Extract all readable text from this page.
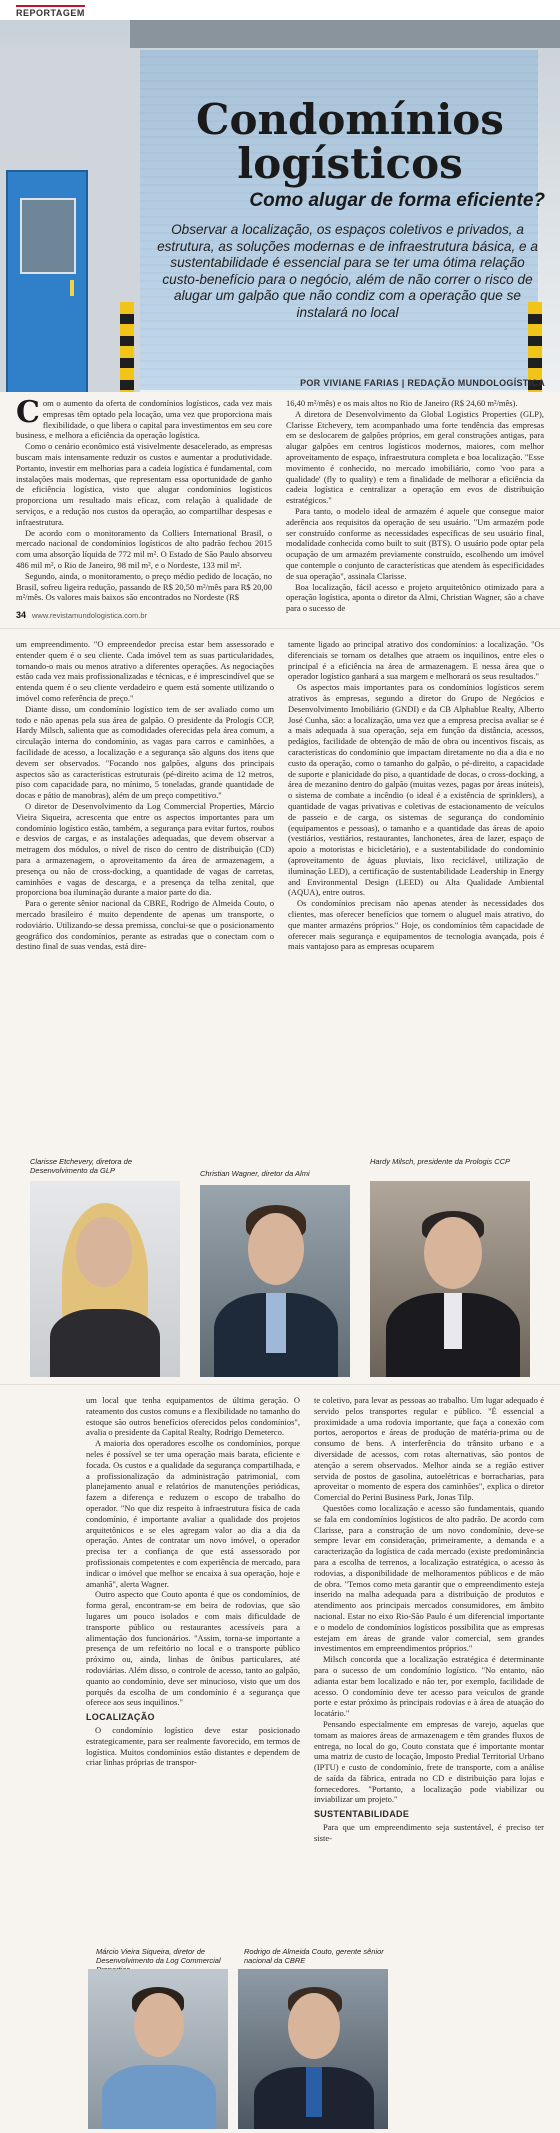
REPORTAGEM
Condomínios
logísticos
Como alugar de forma eficiente?

Observar a localização, os espaços coletivos e privados, a estrutura, as soluções modernas e de infraestrutura básica, e a sustentabilidade é essencial para se ter uma ótima relação custo-benefício para o negócio, além de não correr o risco de alugar um galpão que não condiz com a operação que se instalará no local

POR VIVIANE FARIAS | REDAÇÃO MUNDOLOGÍSTICA

Com o aumento da oferta de condomínios logísticos, cada vez mais empresas têm optado pela locação, uma vez que proporciona mais flexibilidade, o que libera o capital para investimentos em seu core business, e melhora a eficiência da operação logística.

Como o cenário econômico está visivelmente desacelerado, as empresas buscam mais intensamente reduzir os custos e aumentar a produtividade. Portanto, investir em melhorias para a cadeia logística é fundamental, com instalações mais modernas, que representam essa oportunidade de ganho de eficiência logística, visto que alugar condomínios logísticos proporciona um resultado mais eficaz, com relação à qualidade de serviços, e a redução nos custos da operação, ao compartilhar despesas e infraestrutura.

De acordo com o monitoramento da Colliers International Brasil, o mercado nacional de condomínios logísticos de alto padrão fechou 2015 com uma absorção líquida de 772 mil m². O Estado de São Paulo absorveu 486 mil m², o Rio de Janeiro, 98 mil m², e o Nordeste, 133 mil m².

Segundo, ainda, o monitoramento, o preço médio pedido de locação, no Brasil, sofreu ligeira redução, passando de R$ 20,50 m²/mês para R$ 20,00 m²/mês. Os valores mais baixos são encontrados no Nordeste (R$

16,40 m²/mês) e os mais altos no Rio de Janeiro (R$ 24,60 m²/mês).

A diretora de Desenvolvimento da Global Logistics Properties (GLP), Clarisse Etchevery, tem acompanhado uma forte tendência das empresas em se deslocarem de galpões próprios, em geral construções antigas, para alugar galpões em centros logísticos modernos, maiores, com melhor aproveitamento de espaço, infraestrutura completa e boa localização. "Esse movimento é conhecido, no mercado imobiliário, como 'voo para a qualidade' (fly to quality) e tem a finalidade de melhorar a eficiência da cadeia logística e centralizar a operação em evos de distribuição estratégicos."

Para tanto, o modelo ideal de armazém é aquele que consegue maior aderência aos requisitos da operação de seu usuário. "Um armazém pode ser construído conforme as necessidades específicas de seu usuário final, modalidade conhecida como built to suit (BTS). O usuário pode optar pela ocupação de um armazém previamente construído, escolhendo um imóvel que contemple o conjunto de características que atendem às especificidades de sua operação", assinala Clarisse.

Boa localização, fácil acesso e projeto arquitetônico otimizado para a operação logística, aponta o diretor da Almi, Christian Wagner, são a chave para o sucesso de

34 www.revistamundologistica.com.br

um empreendimento. "O empreendedor precisa estar bem assessorado e entender quem é o seu cliente. Cada imóvel tem as suas particularidades, tornando-o mais ou menos atrativo a diferentes operações. As negociações estão cada vez mais profissionalizadas e técnicas, e é imprescindível que se entenda quem é o seu cliente verdadeiro e quem está somente utilizando o imóvel como referência de preço."

Diante disso, um condomínio logístico tem de ser avaliado como um todo e não apenas pela sua área de galpão. O presidente da Prologis CCP, Hardy Milsch, salienta que as comodidades oferecidas pela área comum, a circulação interna do condomínio, as vagas para carros e caminhões, a facilidade de acesso, a localização e a segurança são alguns dos itens que devem ser observados. "Focando nos galpões, alguns dos principais aspectos são as características estruturais (pé-direito acima de 12 metros, piso com capacidade para, no mínimo, 5 toneladas, grande quantidade de docas e pátio de manobras), além de um preço competitivo."

O diretor de Desenvolvimento da Log Commercial Properties, Márcio Vieira Siqueira, acrescenta que entre os aspectos importantes para um condomínio logístico estão, também, a segurança para evitar furtos, roubos e desvios de cargas, e as instalações adequadas, que devem observar a metragem dos módulos, o nível de risco do centro de distribuição (CD) para a armazenagem, o aproveitamento da área de armazenagem, a presença ou não de cross-docking, a quantidade de vagas de carretas, caminhões e vagas de descarga, e a presença da telha zenital, que proporciona boa iluminação durante a maior parte do dia.

Para o gerente sênior nacional da CBRE, Rodrigo de Almeida Couto, o mercado brasileiro é muito dependente de apenas um transporte, o rodoviário. Utilizando-se dessa premissa, conclui-se que o posicionamento geográfico dos condomínios, perante as estradas que o conectam com o destino final de suas vendas, está dire-

tamente ligado ao principal atrativo dos condomínios: a localização. "Os diferenciais se tornam os detalhes que atraem os inquilinos, entre eles o principal é a eficiência na área de armazenagem. E nessa área que o operador logístico ganhará a sua margem e melhorará os seus resultados."

Os aspectos mais importantes para os condomínios logísticos serem atrativos às empresas, segundo a diretor do Grupo de Negócios e Desenvolvimento Imobiliário (GNDI) e da CB Alphablue Realty, Alberto José Cunha, são: a localização, uma vez que a empresa precisa avaliar se é a mais adequada à sua operação, seja em função da distância, acessos, pedágios, facilidade de obtenção de mão de obra ou incentivos fiscais, as características do condomínio que impactam diretamente no dia a dia e no custo da operação, como o tamanho do galpão, o pé-direito, a capacidade de suporte e planicidade do piso, a quantidade de docas, o cross-docking, a área de mezanino dentro do galpão (muitas vezes, pagas por áreas inúteis), o sistema de combate a incêndio (o ideal é a existência de sprinklers), a quantidade de vagas privativas e coletivas de estacionamento de veículos de passeio e de carga, os sistemas de segurança do condomínio (equipamentos e pessoas), o tamanho e a quantidade das áreas de apoio (vestiários, vestiários, restaurantes, lanchonetes, área de lazer, espaço de apoio a motoristas e bicicletário), e a sustentabilidade do condomínio (aproveitamento de águas pluviais, lixo reciclável, utilização de iluminação LED), a certificação de sustentabilidade Leadership in Energy and Environmental Design (LEED) ou Alta Qualidade Ambiental (AQUA), entre outros.

Os condomínios precisam não apenas atender às necessidades dos clientes, mas oferecer benefícios que tornem o aluguel mais atrativo, do que manter armazéns próprios." Hoje, os condomínios têm capacidade de oferecer mais segurança e equipamentos de tecnologia avançada, pois é mais vantajoso para as empresas ocuparem

Clarisse Etchevery, diretora de Desenvolvimento da GLP	Christian Wagner, diretor da Almi
Hardy Milsch, presidente da Prologis CCP

um local que tenha equipamentos de última geração. O rateamento dos custos comuns e a flexibilidade no tamanho do estoque são outros benefícios oferecidos pelos condomínios", avalia o presidente da Capital Realty, Rodrigo Demeterco.

A maioria dos operadores escolhe os condomínios, porque neles é possível se ter uma operação mais barata, eficiente e focada. Os custos e a qualidade da segurança compartilhada, e a profissionalização da administração patrimonial, com planejamento anual e relatórios de manutenções periódicas, fazem a diferença e reduzem o escopo de trabalho do operador. "No que diz respeito à infraestrutura física de cada condomínio, é importante avaliar a qualidade dos projetos arquitetônicos e se eles agregam valor ao dia a dia da operação. Antes de contratar um novo imóvel, o operador precisa ter a confiança de que está assessorado por profissionais competentes e com experiência de mercado, para indicar o imóvel que melhor se encaixa à sua operação, hoje e amanhã", alerta Wagner.

Outro aspecto que Couto aponta é que os condomínios, de forma geral, encontram-se em beira de rodovias, que são lugares um pouco isolados e com mais dificuldade de transporte público ou restaurantes acessíveis para a alimentação dos funcionários. "Assim, torna-se importante a presença de um refeitório no local e o transporte público próximo ou, ainda, linhas de ônibus particulares, até rodoviárias. Além disso, o controle de acesso, tanto ao galpão, quanto ao condomínio, deve ser minucioso, visto que um dos porquês da escolha de um condomínio é a segurança que oferece aos seus inquilinos."

LOCALIZAÇÃO

O condomínio logístico deve estar posicionado estrategicamente, para ser realmente favorecido, em termos de logística. Muitos condomínios estão distantes e dependem de criar linhas próprias de transpor-

te coletivo, para levar as pessoas ao trabalho. Um lugar adequado é servido pelos transportes regular e público. "É essencial a proximidade a uma rodovia importante, que faça a conexão com portos, aeroportos e áreas de produção de matéria-prima ou de consumo de bens. A interferência do trânsito urbano e a diversidade de acessos, com rotas alternativas, são pontos de atenção a serem observados. Melhor ainda se a região estiver servida de postos de gasolina, autoelétricas e borracharias, para aproveitar o momento de espera dos caminhões", explica o diretor Comercial do Perini Business Park, Jonas Tilp.

Questões como localização e acesso são fundamentais, quando se fala em condomínios logísticos de alto padrão. De acordo com Clarisse, para a construção de um novo condomínio, deve-se sempre levar em consideração, primeiramente, a demanda e a caracterização da logística de cada mercado (existe predominância para a escolha de terrenos, a localização estratégica, o acesso às rodovias, a disponibilidade de melhoramentos públicos e de mão de obra. "Temos como meta garantir que o empreendimento esteja inserido na malha adequada para a distribuição de produtos e atendimento aos principais mercados consumidores, em âmbito nacional. Estar no eixo Rio-São Paulo é um diferencial importante e o modelo de condomínios logísticos possibilita que as empresas estejam em áreas de grande valor comercial, sem grandes investimentos em empreendimentos próprios."

Milsch concorda que a localização estratégica é determinante para o sucesso de um condomínio logístico. "No entanto, não adianta estar bem localizado e não ter, por exemplo, facilidade de acesso. O condomínio deve ter acesso para veículos de grande porte e estar próximo às principais rodovias e à área de atuação do locatário."

Pensando especialmente em empresas de varejo, aquelas que tomam as maiores áreas de armazenagem e têm grandes fluxos de entrega, no local do go, Couto constata que é importante montar uma matriz de custo de locação, Imposto Predial Territorial Urbano (IPTU) e custo de condomínio, frete de transporte, com a análise de saída da fábrica, entrada no CD e distribuição para lojas e fornecedores. "Portanto, a localização pode viabilizar ou inviabilizar um projeto."

SUSTENTABILIDADE

Para que um empreendimento seja sustentável, é preciso ter siste-

Márcio Vieira Siqueira, diretor de Desenvolvimento da Log Commercial
Rodrigo de Almeida Couto, gerente sênior nacional da CBRE
